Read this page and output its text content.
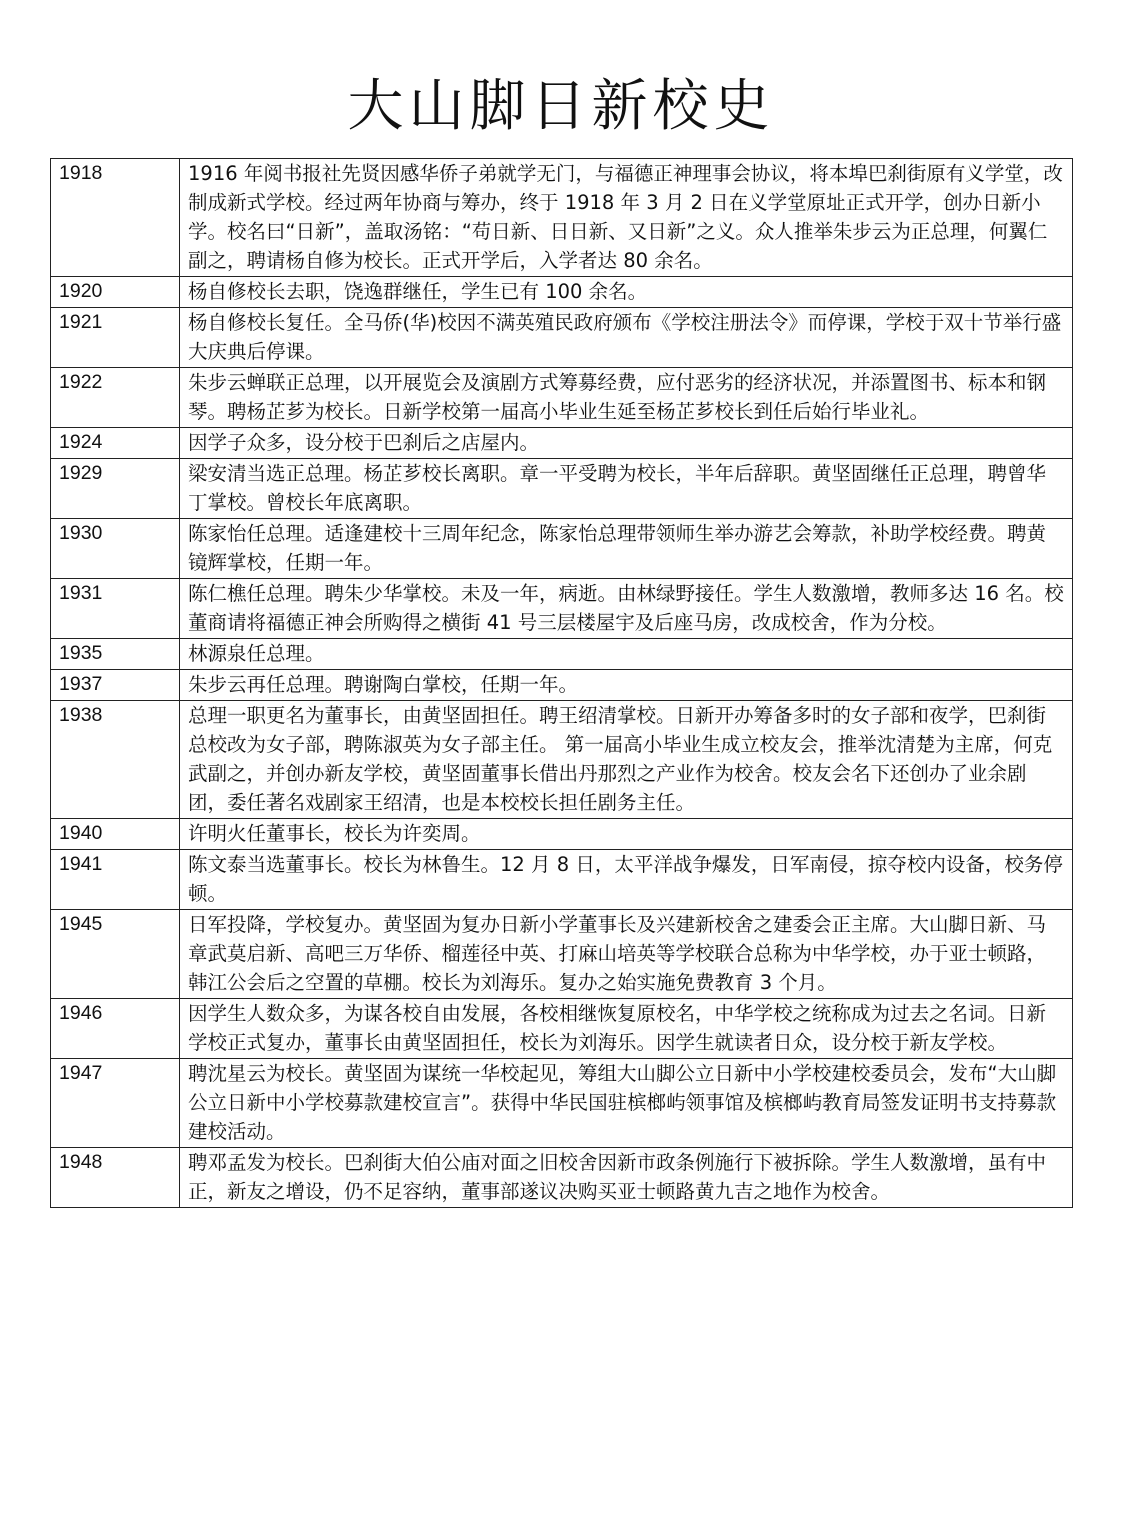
大山脚日新校史
1918	1916 年阅书报社先贤因感华侨子弟就学无门，与福德正神理事会协议，将本埠巴刹街原有义学堂，改制成新式学校。经过两年协商与筹办，终于 1918 年 3 月 2 日在义学堂原址正式开学，创办日新小学。校名曰“日新”，盖取汤铭：“苟日新、日日新、又日新”之义。众人推举朱步云为正总理，何翼仁副之，聘请杨自修为校长。正式开学后，入学者达 80 余名。
1920	杨自修校长去职，饶逸群继任，学生已有 100 余名。
1921	杨自修校长复任。全马侨(华)校因不满英殖民政府颁布《学校注册法令》而停课，学校于双十节举行盛大庆典后停课。
1922	朱步云蝉联正总理，以开展览会及演剧方式筹募经费，应付恶劣的经济状况，并添置图书、标本和钢琴。聘杨芷芗为校长。日新学校第一届高小毕业生延至杨芷芗校长到任后始行毕业礼。
1924	因学子众多，设分校于巴刹后之店屋内。
1929	梁安清当选正总理。杨芷芗校长离职。章一平受聘为校长，半年后辞职。黄坚固继任正总理，聘曾华丁掌校。曾校长年底离职。
1930	陈家怡任总理。适逢建校十三周年纪念，陈家怡总理带领师生举办游艺会筹款，补助学校经费。聘黄镜辉掌校，任期一年。
1931	陈仁樵任总理。聘朱少华掌校。未及一年，病逝。由林绿野接任。学生人数激增，教师多达 16 名。校董商请将福德正神会所购得之横街 41 号三层楼屋宇及后座马房，改成校舍，作为分校。
1935	林源泉任总理。
1937	朱步云再任总理。聘谢陶白掌校，任期一年。
1938	总理一职更名为董事长，由黄坚固担任。聘王绍清掌校。日新开办筹备多时的女子部和夜学，巴刹街总校改为女子部，聘陈淑英为女子部主任。 第一届高小毕业生成立校友会，推举沈清楚为主席，何克武副之，并创办新友学校，黄坚固董事长借出丹那烈之产业作为校舍。校友会名下还创办了业余剧团，委任著名戏剧家王绍清，也是本校校长担任剧务主任。
1940	许明火任董事长，校长为许奕周。
1941	陈文泰当选董事长。校长为林鲁生。12 月 8 日，太平洋战争爆发，日军南侵，掠夺校内设备，校务停顿。
1945	日军投降，学校复办。黄坚固为复办日新小学董事长及兴建新校舍之建委会正主席。大山脚日新、马章武莫启新、高吧三万华侨、榴莲径中英、打麻山培英等学校联合总称为中华学校，办于亚士顿路，韩江公会后之空置的草棚。校长为刘海乐。复办之始实施免费教育 3 个月。
1946	因学生人数众多，为谋各校自由发展，各校相继恢复原校名，中华学校之统称成为过去之名词。日新学校正式复办，董事长由黄坚固担任，校长为刘海乐。因学生就读者日众，设分校于新友学校。
1947	聘沈星云为校长。黄坚固为谋统一华校起见，筹组大山脚公立日新中小学校建校委员会，发布“大山脚公立日新中小学校募款建校宣言”。获得中华民国驻槟榔屿领事馆及槟榔屿教育局签发证明书支持募款建校活动。
1948	聘邓孟发为校长。巴刹街大伯公庙对面之旧校舍因新市政条例施行下被拆除。学生人数激增，虽有中正，新友之增设，仍不足容纳，董事部遂议决购买亚士顿路黄九吉之地作为校舍。
